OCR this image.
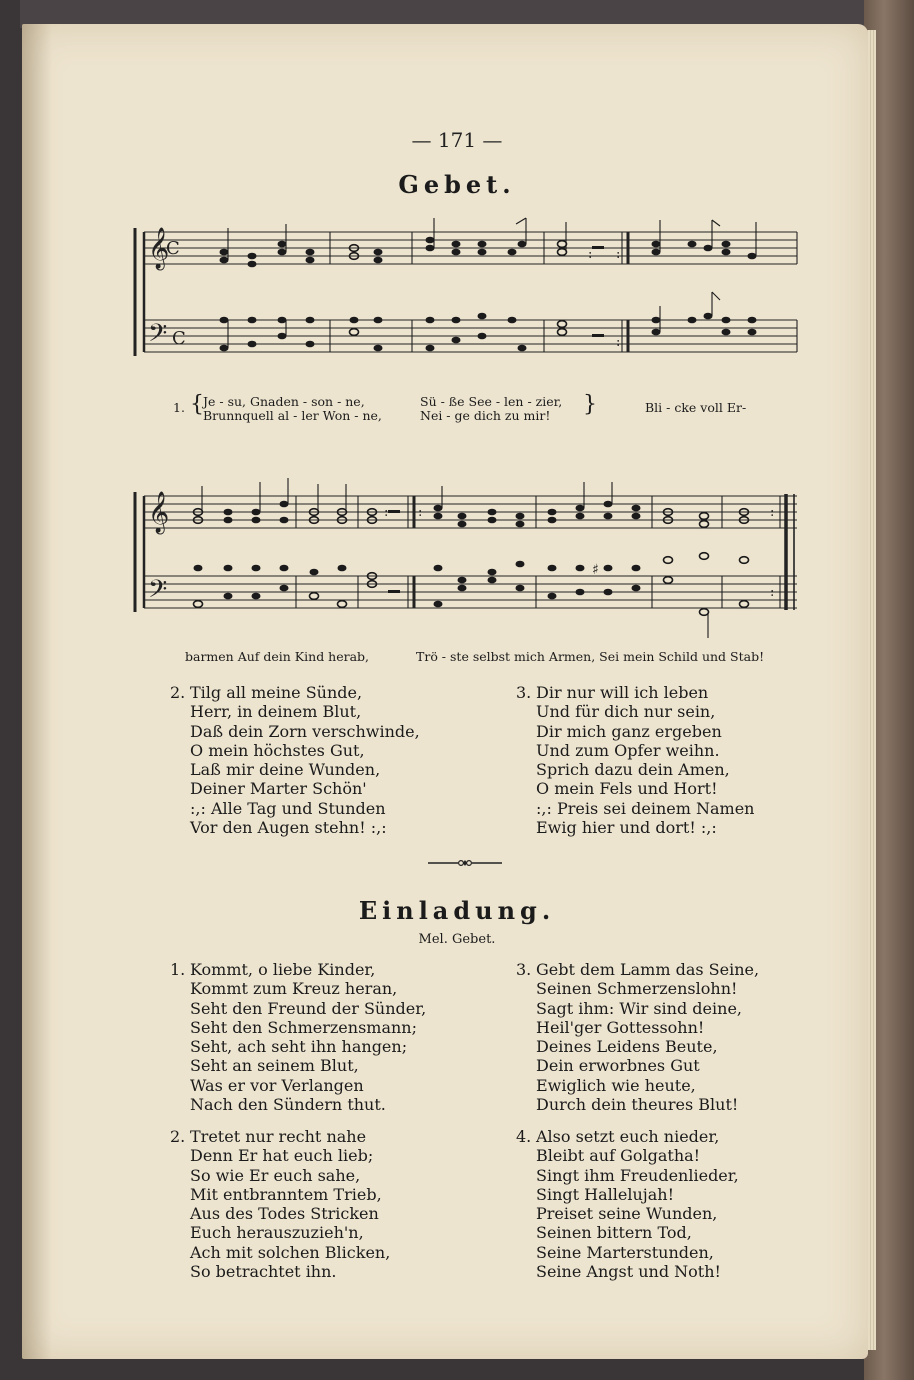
— 171 —
Gebet.
𝄞
C
𝄢 C
: :
:
1. { Je - su, Gnaden - son - ne,
Brunnquell al - ler Won - ne,
Sü - ße See - len - zier,
Nei - ge dich zu mir! }	Bli - cke voll Er-
𝄞
𝄢
: :	:
:
♯
barmen Auf dein Kind herab,	Trö - ste selbst mich Armen, Sei mein Schild und Stab!
2. Tilg all meine Sünde,
Herr, in deinem Blut,
Daß dein Zorn verschwinde,
O mein höchstes Gut,
Laß mir deine Wunden,
Deiner Marter Schön'
:,: Alle Tag und Stunden
Vor den Augen stehn! :,:
3. Dir nur will ich leben
Und für dich nur sein,
Dir mich ganz ergeben
Und zum Opfer weihn.
Sprich dazu dein Amen,
O mein Fels und Hort!
:,: Preis sei deinem Namen
Ewig hier und dort! :,:
Einladung.
Mel. Gebet.
1. Kommt, o liebe Kinder,
Kommt zum Kreuz heran,
Seht den Freund der Sünder,
Seht den Schmerzensmann;
Seht, ach seht ihn hangen;
Seht an seinem Blut,
Was er vor Verlangen
Nach den Sündern thut.
3. Gebt dem Lamm das Seine,
Seinen Schmerzenslohn!
Sagt ihm: Wir sind deine,
Heil'ger Gottessohn!
Deines Leidens Beute,
Dein erworbnes Gut
Ewiglich wie heute,
Durch dein theures Blut!
2. Tretet nur recht nahe
Denn Er hat euch lieb;
So wie Er euch sahe,
Mit entbranntem Trieb,
Aus des Todes Stricken
Euch herauszuzieh'n,
Ach mit solchen Blicken,
So betrachtet ihn.
4. Also setzt euch nieder,
Bleibt auf Golgatha!
Singt ihm Freudenlieder,
Singt Hallelujah!
Preiset seine Wunden,
Seinen bittern Tod,
Seine Marterstunden,
Seine Angst und Noth!
